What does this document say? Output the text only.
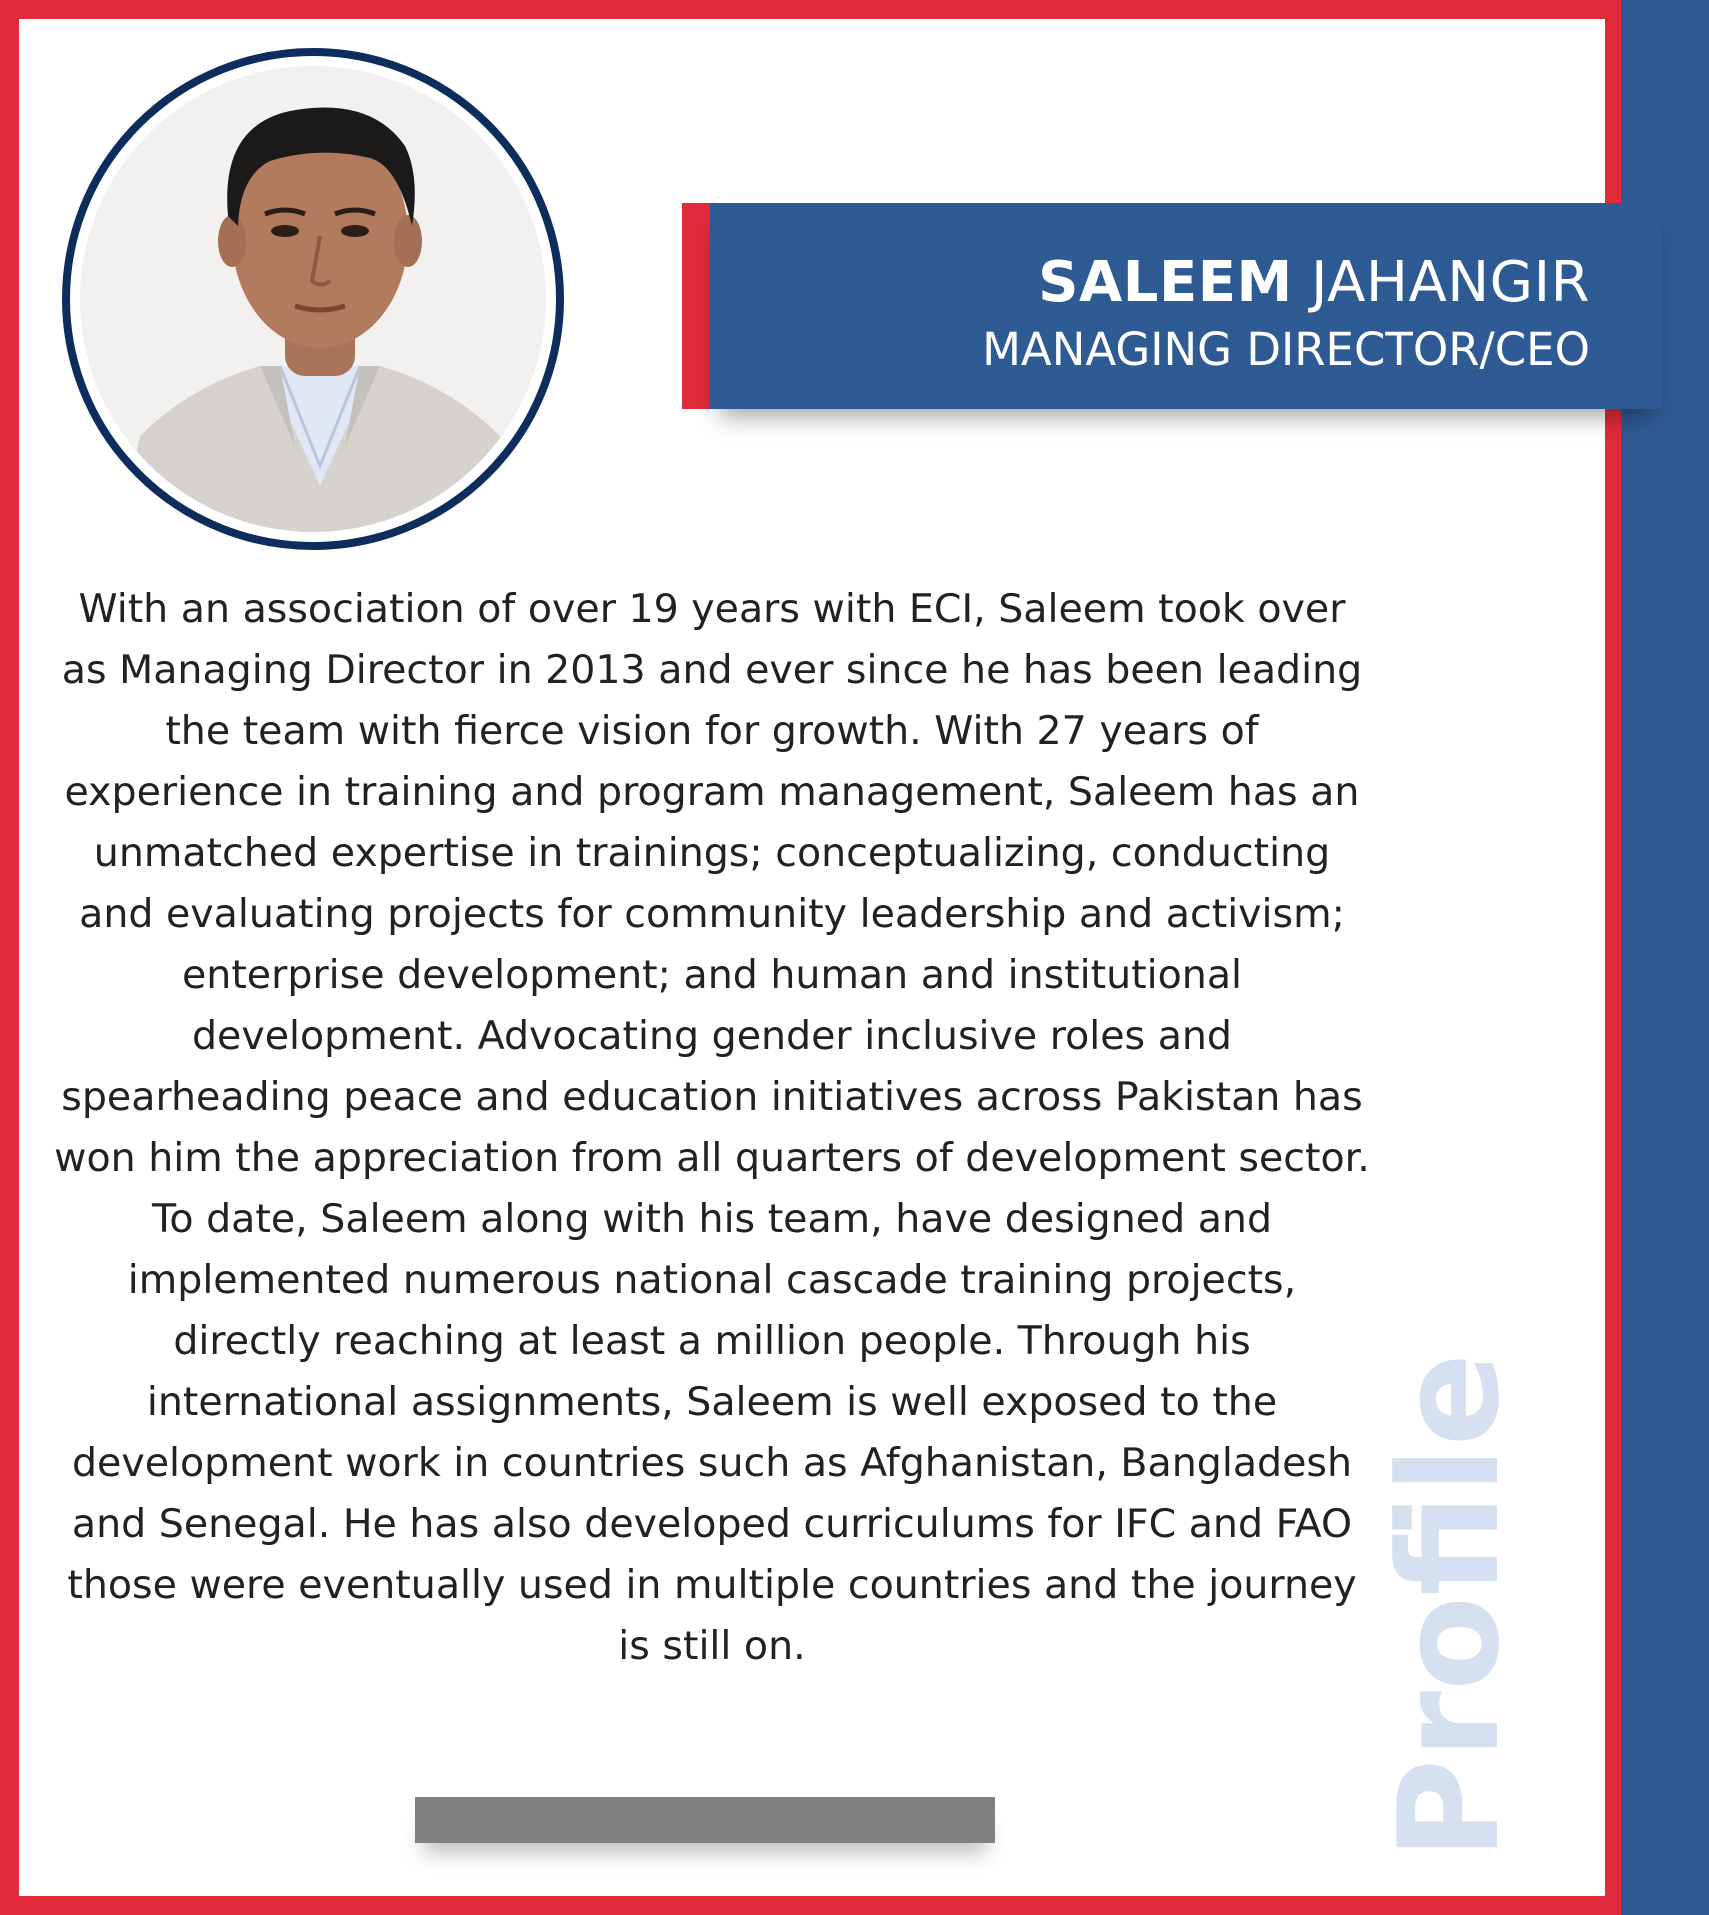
SALEEM JAHANGIR
MANAGING DIRECTOR/CEO

With an association of over 19 years with ECI, Saleem took over as Managing Director in 2013 and ever since he has been leading the team with fierce vision for growth. With 27 years of experience in training and program management, Saleem has an unmatched expertise in trainings; conceptualizing, conducting and evaluating projects for community leadership and activism; enterprise development; and human and institutional development. Advocating gender inclusive roles and spearheading peace and education initiatives across Pakistan has won him the appreciation from all quarters of development sector.

To date, Saleem along with his team, have designed and implemented numerous national cascade training projects, directly reaching at least a million people. Through his international assignments, Saleem is well exposed to the development work in countries such as Afghanistan, Bangladesh and Senegal. He has also developed curriculums for IFC and FAO those were eventually used in multiple countries and the journey is still on.	Profile
